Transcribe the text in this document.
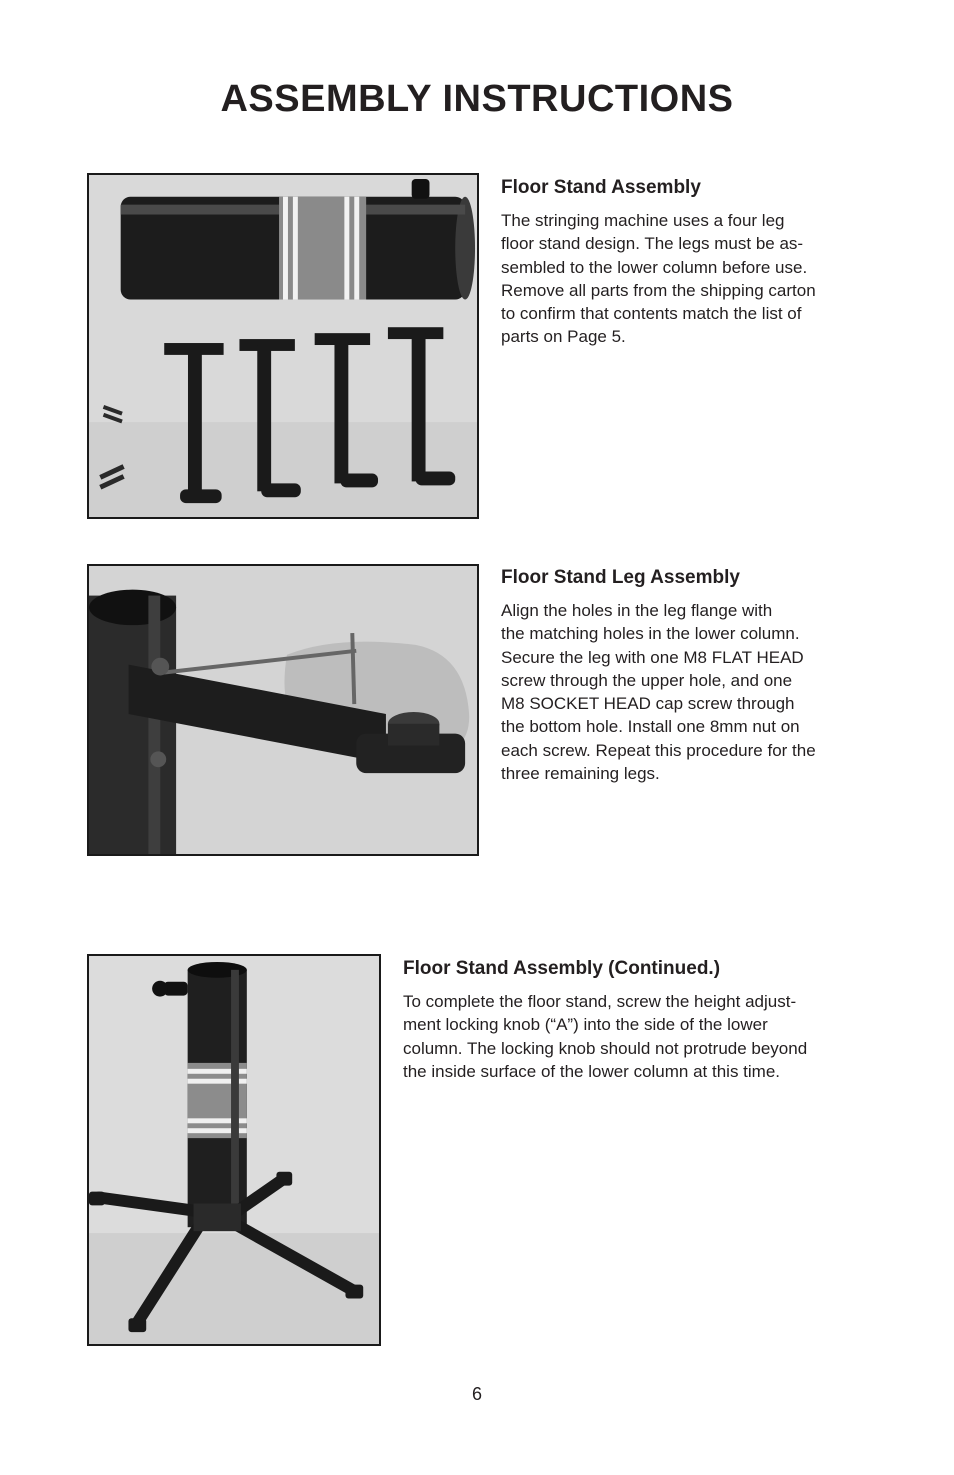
ASSEMBLY INSTRUCTIONS
Floor Stand Assembly

The stringing machine uses a four leg
floor stand design. The legs must be as-
sembled to the lower column before use.
Remove all parts from the shipping carton
to confirm that contents match the list of
parts on Page 5.

Floor Stand Leg Assembly

Align the holes in the leg flange with
the matching holes in the lower column.
Secure the leg with one M8 FLAT HEAD
screw through the upper hole, and one
M8 SOCKET HEAD cap screw through
the bottom hole. Install one 8mm nut on
each screw. Repeat this procedure for the
three remaining legs.

Floor Stand Assembly (Continued.)

To complete the floor stand, screw the height adjust-
ment locking knob (“A”) into the side of the lower
column. The locking knob should not protrude beyond
the inside surface of the lower column at this time.

6
